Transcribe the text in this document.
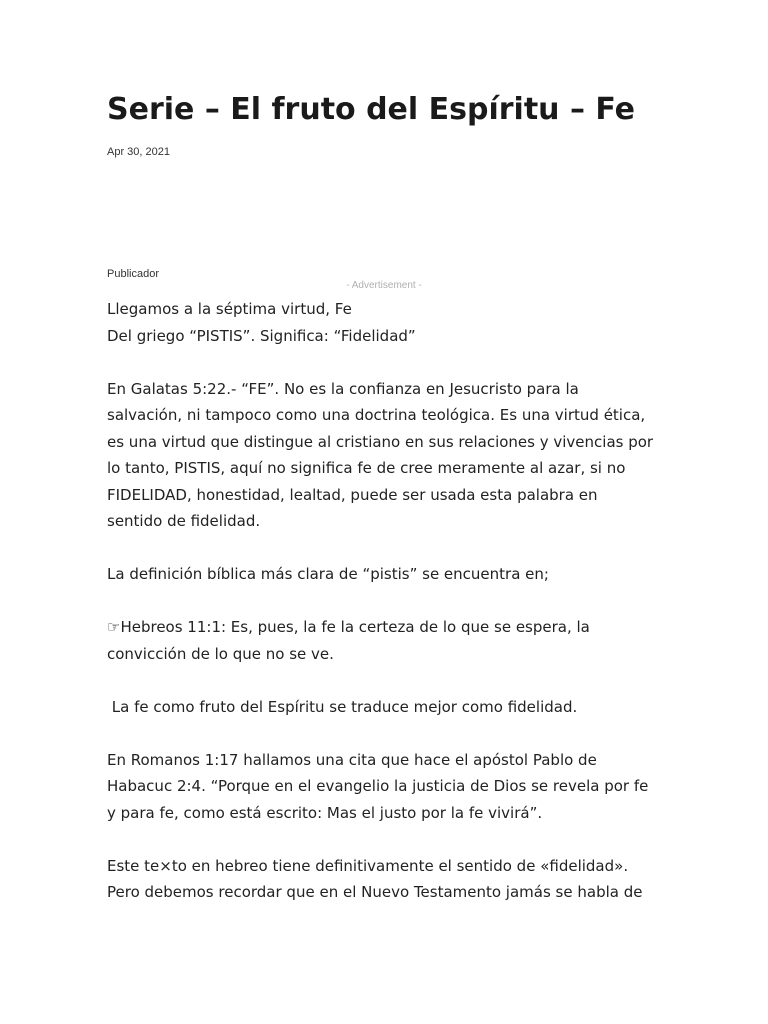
Serie – El fruto del Espíritu – Fe
Apr 30, 2021
Publicador
- Advertisement -

Llegamos a la séptima virtud, Fe
Del griego “PISTIS”. Significa: “Fidelidad”

En Galatas 5:22.- “FE”. No es la confianza en Jesucristo para la
salvación, ni tampoco como una doctrina teológica. Es una virtud ética,
es una virtud que distingue al cristiano en sus relaciones y vivencias por
lo tanto, PISTIS, aquí no significa fe de cree meramente al azar, si no
FIDELIDAD, honestidad, lealtad, puede ser usada esta palabra en
sentido de fidelidad.

La definición bíblica más clara de “pistis” se encuentra en;

☞Hebreos 11:1: Es, pues, la fe la certeza de lo que se espera, la
convicción de lo que no se ve.

La fe como fruto del Espíritu se traduce mejor como fidelidad.

En Romanos 1:17 hallamos una cita que hace el apóstol Pablo de
Habacuc 2:4. “Porque en el evangelio la justicia de Dios se revela por fe
y para fe, como está escrito: Mas el justo por la fe vivirá”.

Este te×to en hebreo tiene definitivamente el sentido de «fidelidad».
Pero debemos recordar que en el Nuevo Testamento jamás se habla de
